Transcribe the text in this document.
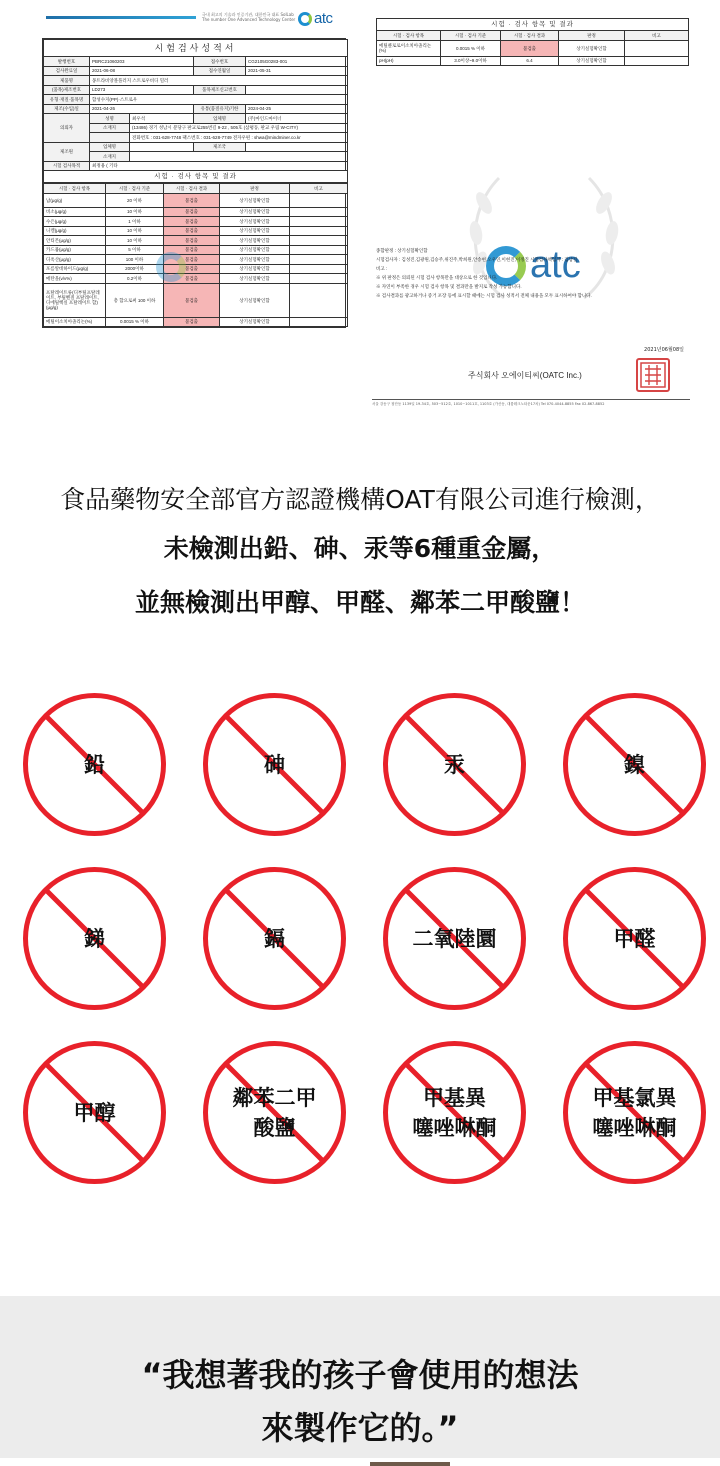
국내 최고의 기술과 인증기관, 대한민국 대표 SolLab
The number One Advanced Technology Center	atc
시험검사성적서				
발행번호	PBRC21060203		접수번호	CG2105G0283-001
검사완료일	2021-06-08		접수연월일	2021-05-31
제품명	몽트라비앙볼플러지 스트로우비디 밀러			
(품목)제조번호	LD273		품목제조신고번호	
유형·재질·품목명	합성수지(PP)·스트로우			
제조(수입)일	2021-04-26		유통(품질유지)기한	2024-04-25
의뢰자	성명	최우석	업체명	(주)마인드마이너
	소재지	(13486) 경기 성남시 분당구 판교로255번길 9-22 , 505호 (삼평동, 판교 우림 W-CITY)		
		전화번호 : 031-628-7748 팩스번호 : 031-628-7749 전자우편 : shwa@mindminer.co.kr		
제조원	업체명		제조국	
	소재지			
시험 검사목적	최정용 ( 기타			
시험 · 검사 항목 및 결과				
시험 · 검사 항목	시험 · 검사 기준	시험 · 검사 결과	판정	비고
납(μg/g)	20 이하	불검출	상기실험확인함	
비소(μg/g)	10 이하	불검출	상기실험확인함	
수은(μg/g)	1 이하	불검출	상기실험확인함	
니켈(μg/g)	10 이하	불검출	상기실험확인함	
안티몬(μg/g)	10 이하	불검출	상기실험확인함	
카드뮴(μg/g)	5 이하	불검출	상기실험확인함	
디옥산(μg/g)	100 이하	불검출	상기실험확인함	
포름알데하이드(μg/g)	2000이하	불검출	상기실험확인함	
메탄올(v/v%)	0.2이하	불검출	상기실험확인함	
프탈레이트류(디부틸프탈레이트, 부틸벤질 프탈레이트, 디에틸헥실 프탈레이트 합)(μg/g)	총 합으로써 100 이하	불검출	상기실험확인함	
메틸이소치아졸리논(%)	0.0015 % 이하	불검출	상기실험확인함	
시험 · 검사 항목 및 결과				
시험 · 검사 항목	시험 · 검사 기준	시험 · 검사 결과	판정	비고
메틸클로로이소치아졸리논(%)	0.0015 % 이하	불검출	상기실험확인함	
pH(pH)	3.0이상~9.0이하	6.4	상기실험확인함	
atc
종합판정 : 상기실험확인함
시험검사자 : 김성진,김광원,김승주,위진주,박희원,안송현,오우연,이현진,이정진 시험검사책임자 : 김남길
비고 :
※ 위 판정은 의뢰된 시험 검사 항목만을 대상으로 한 것입니다.
※ 자연이 부족한 경우 시험 검사 항목 및 결과만을 발지로 작성 가능합니다.
※ 검사결과를 광고하거나 증거 포장 등에 표시할 때에는 시험 검사 성적서 전체 내용을 모두 표시하여야 합니다.
2021년06월08일
주식회사 오에이티씨(OATC Inc.)
서울 강동구 첨단동 1139일 19-34호, 503~512호, 1010~1011호, 1103호 (가산동, 대륭테크노타운17차) Tel 070-4044-8855 Fax 02-867-8852
食品藥物安全部官方認證機構OAT有限公司進行檢測，
未檢測出鉛、砷、汞等6種重金屬，
並無檢測出甲醇、甲醛、鄰苯二甲酸鹽！
鉛	砷	汞	鎳
銻	鎘	二氧陸圜	甲醛
甲醇
鄰苯二甲
酸鹽
甲基異
噻唑啉酮
甲基氯異
噻唑啉酮
“我想著我的孩子會使用的想法
來製作它的。”
